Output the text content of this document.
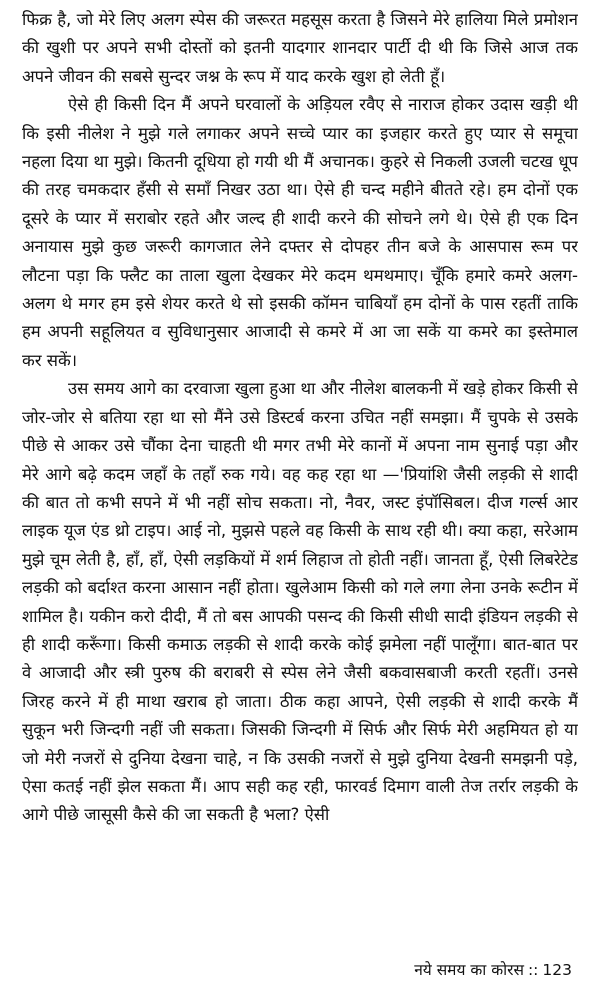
फिक्र है, जो मेरे लिए अलग स्पेस की जरूरत महसूस करता है जिसने मेरे हालिया मिले प्रमोशन की खुशी पर अपने सभी दोस्तों को इतनी यादगार शानदार पार्टी दी थी कि जिसे आज तक अपने जीवन की सबसे सुन्दर जश्न के रूप में याद करके खुश हो लेती हूँ।

ऐसे ही किसी दिन मैं अपने घरवालों के अड़ियल रवैए से नाराज होकर उदास खड़ी थी कि इसी नीलेश ने मुझे गले लगाकर अपने सच्चे प्यार का इजहार करते हुए प्यार से समूचा नहला दिया था मुझे। कितनी दूधिया हो गयी थी मैं अचानक। कुहरे से निकली उजली चटख धूप की तरह चमकदार हँसी से समाँ निखर उठा था। ऐसे ही चन्द महीने बीतते रहे। हम दोनों एक दूसरे के प्यार में सराबोर रहते और जल्द ही शादी करने की सोचने लगे थे। ऐसे ही एक दिन अनायास मुझे कुछ जरूरी कागजात लेने दफ्तर से दोपहर तीन बजे के आसपास रूम पर लौटना पड़ा कि फ्लैट का ताला खुला देखकर मेरे कदम थमथमाए। चूँकि हमारे कमरे अलग-अलग थे मगर हम इसे शेयर करते थे सो इसकी कॉमन चाबियाँ हम दोनों के पास रहतीं ताकि हम अपनी सहूलियत व सुविधानुसार आजादी से कमरे में आ जा सकें या कमरे का इस्तेमाल कर सकें।

उस समय आगे का दरवाजा खुला हुआ था और नीलेश बालकनी में खड़े होकर किसी से जोर-जोर से बतिया रहा था सो मैंने उसे डिस्टर्ब करना उचित नहीं समझा। मैं चुपके से उसके पीछे से आकर उसे चौंका देना चाहती थी मगर तभी मेरे कानों में अपना नाम सुनाई पड़ा और मेरे आगे बढ़े कदम जहाँ के तहाँ रुक गये। वह कह रहा था —'प्रियांशि जैसी लड़की से शादी की बात तो कभी सपने में भी नहीं सोच सकता। नो, नैवर, जस्ट इंपॉसिबल। दीज गर्ल्स आर लाइक यूज एंड थ्रो टाइप। आई नो, मुझसे पहले वह किसी के साथ रही थी। क्या कहा, सरेआम मुझे चूम लेती है, हाँ, हाँ, ऐसी लड़कियों में शर्म लिहाज तो होती नहीं। जानता हूँ, ऐसी लिबरेटेड लड़की को बर्दाश्त करना आसान नहीं होता। खुलेआम किसी को गले लगा लेना उनके रूटीन में शामिल है। यकीन करो दीदी, मैं तो बस आपकी पसन्द की किसी सीधी सादी इंडियन लड़की से ही शादी करूँगा। किसी कमाऊ लड़की से शादी करके कोई झमेला नहीं पालूँगा। बात-बात पर वे आजादी और स्त्री पुरुष की बराबरी से स्पेस लेने जैसी बकवासबाजी करती रहतीं। उनसे जिरह करने में ही माथा खराब हो जाता। ठीक कहा आपने, ऐसी लड़की से शादी करके मैं सुकून भरी जिन्दगी नहीं जी सकता। जिसकी जिन्दगी में सिर्फ और सिर्फ मेरी अहमियत हो या जो मेरी नजरों से दुनिया देखना चाहे, न कि उसकी नजरों से मुझे दुनिया देखनी समझनी पड़े, ऐसा कतई नहीं झेल सकता मैं। आप सही कह रही, फारवर्ड दिमाग वाली तेज तर्रार लड़की के आगे पीछे जासूसी कैसे की जा सकती है भला? ऐसी

नये समय का कोरस :: 123
